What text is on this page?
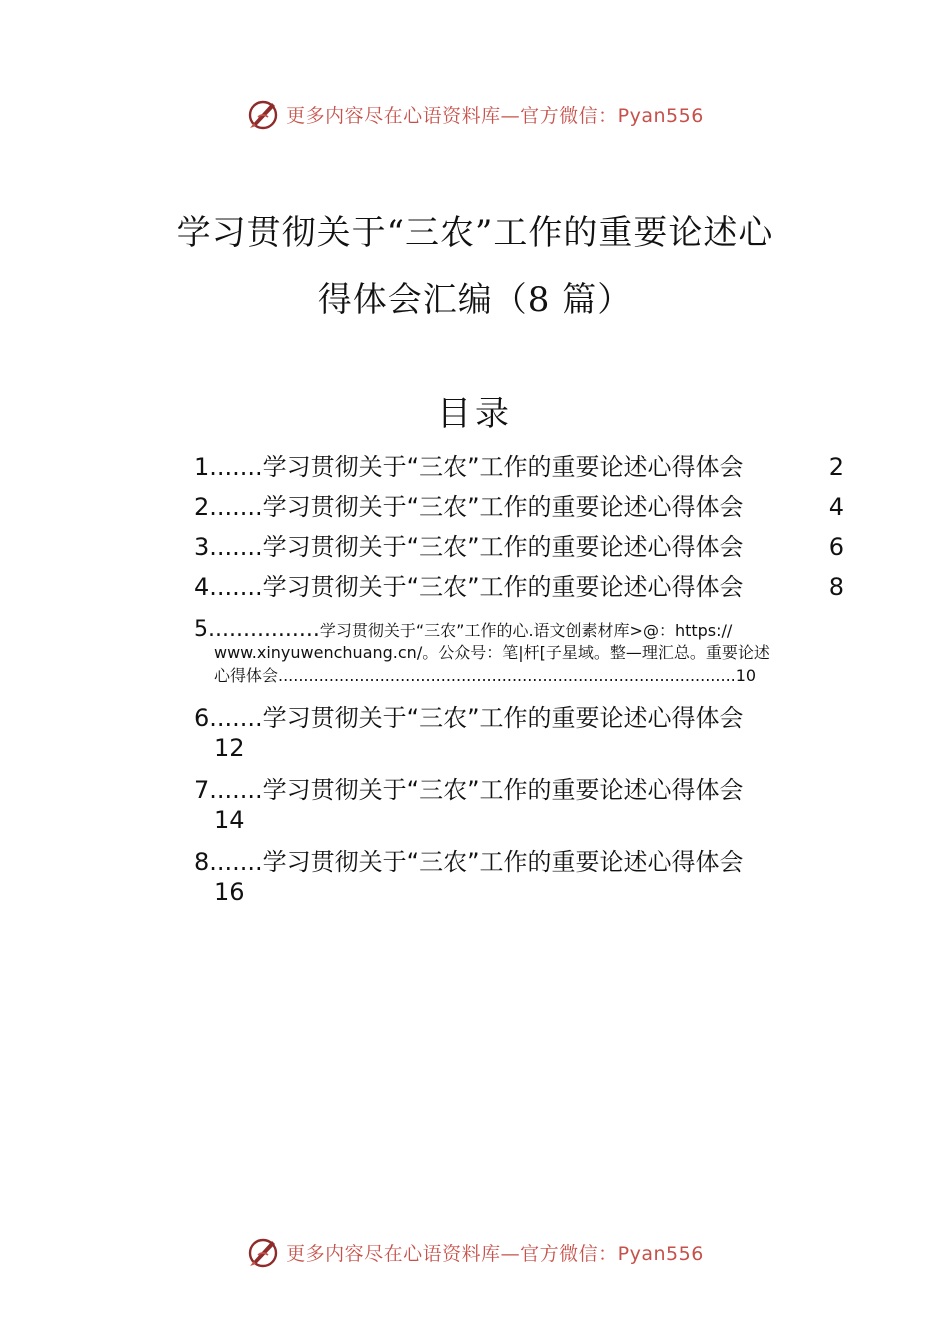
更多内容尽在心语资料库—官方微信：Pyan556
学习贯彻关于“三农”工作的重要论述心
得体会汇编（8 篇）
目录
1.......学习贯彻关于“三农”工作的重要论述心得体会	2
2.......学习贯彻关于“三农”工作的重要论述心得体会	4
3.......学习贯彻关于“三农”工作的重要论述心得体会	6
4.......学习贯彻关于“三农”工作的重要论述心得体会	8
5................学习贯彻关于“三农”工作的心.语文创素材库>@：https://
www.xinyuwenchuang.cn/。公众号：笔|杆[子星域。整—理汇总。重要论述
心得体会..........................................................................................10
6.......学习贯彻关于“三农”工作的重要论述心得体会
12
7.......学习贯彻关于“三农”工作的重要论述心得体会
14
8.......学习贯彻关于“三农”工作的重要论述心得体会
16
更多内容尽在心语资料库—官方微信：Pyan556
